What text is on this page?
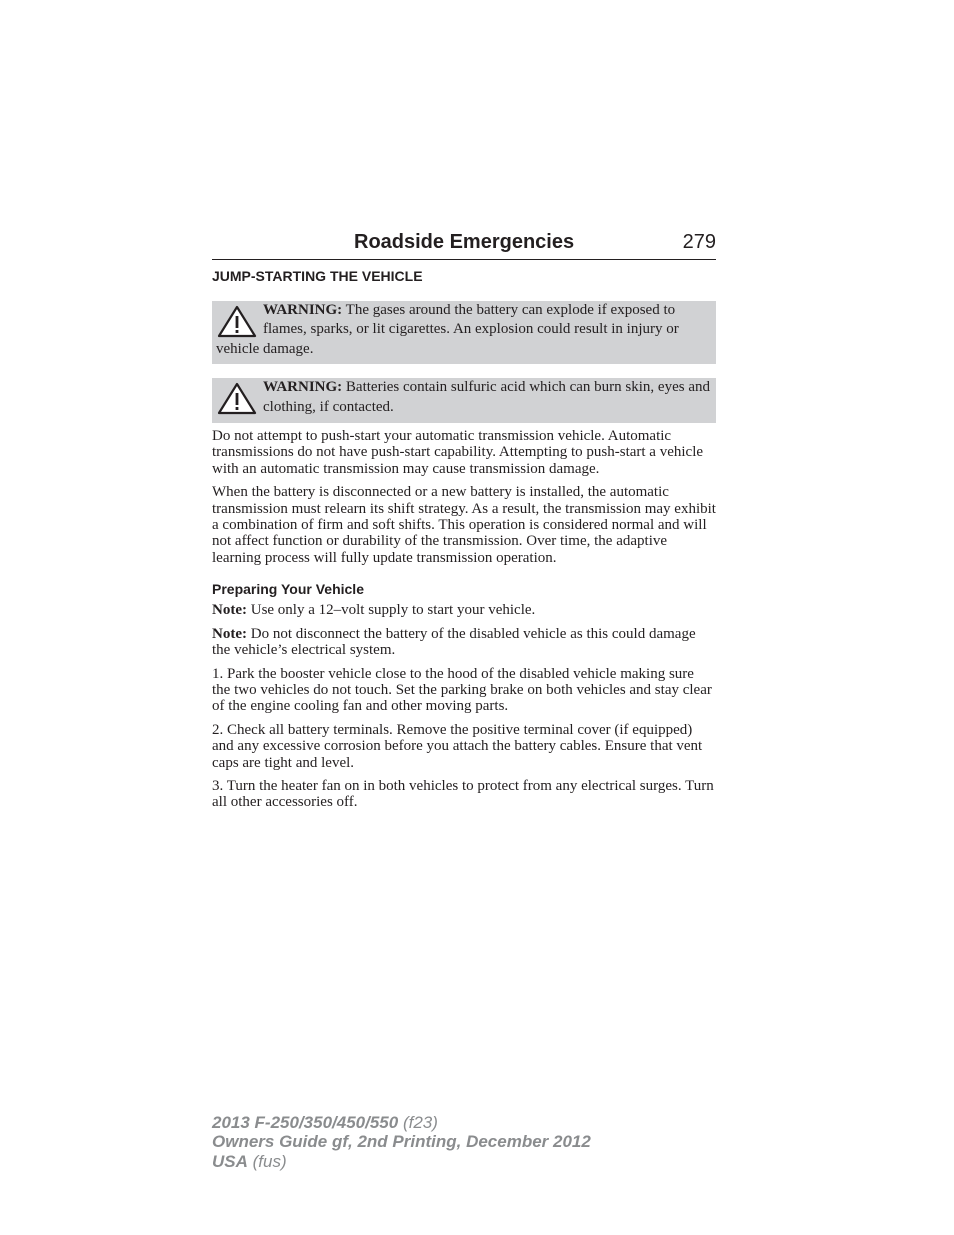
Roadside Emergencies	279
JUMP-STARTING THE VEHICLE
WARNING: The gases around the battery can explode if exposed to flames, sparks, or lit cigarettes. An explosion could result in injury or vehicle damage.
WARNING: Batteries contain sulfuric acid which can burn skin, eyes and clothing, if contacted.

Do not attempt to push-start your automatic transmission vehicle. Automatic transmissions do not have push-start capability. Attempting to push-start a vehicle with an automatic transmission may cause transmission damage.

When the battery is disconnected or a new battery is installed, the automatic transmission must relearn its shift strategy. As a result, the transmission may exhibit a combination of firm and soft shifts. This operation is considered normal and will not affect function or durability of the transmission. Over time, the adaptive learning process will fully update transmission operation.

Preparing Your Vehicle

Note: Use only a 12–volt supply to start your vehicle.

Note: Do not disconnect the battery of the disabled vehicle as this could damage the vehicle’s electrical system.

1. Park the booster vehicle close to the hood of the disabled vehicle making sure the two vehicles do not touch. Set the parking brake on both vehicles and stay clear of the engine cooling fan and other moving parts.

2. Check all battery terminals. Remove the positive terminal cover (if equipped) and any excessive corrosion before you attach the battery cables. Ensure that vent caps are tight and level.

3. Turn the heater fan on in both vehicles to protect from any electrical surges. Turn all other accessories off.

2013 F-250/350/450/550 (f23)
Owners Guide gf, 2nd Printing, December 2012
USA (fus)
